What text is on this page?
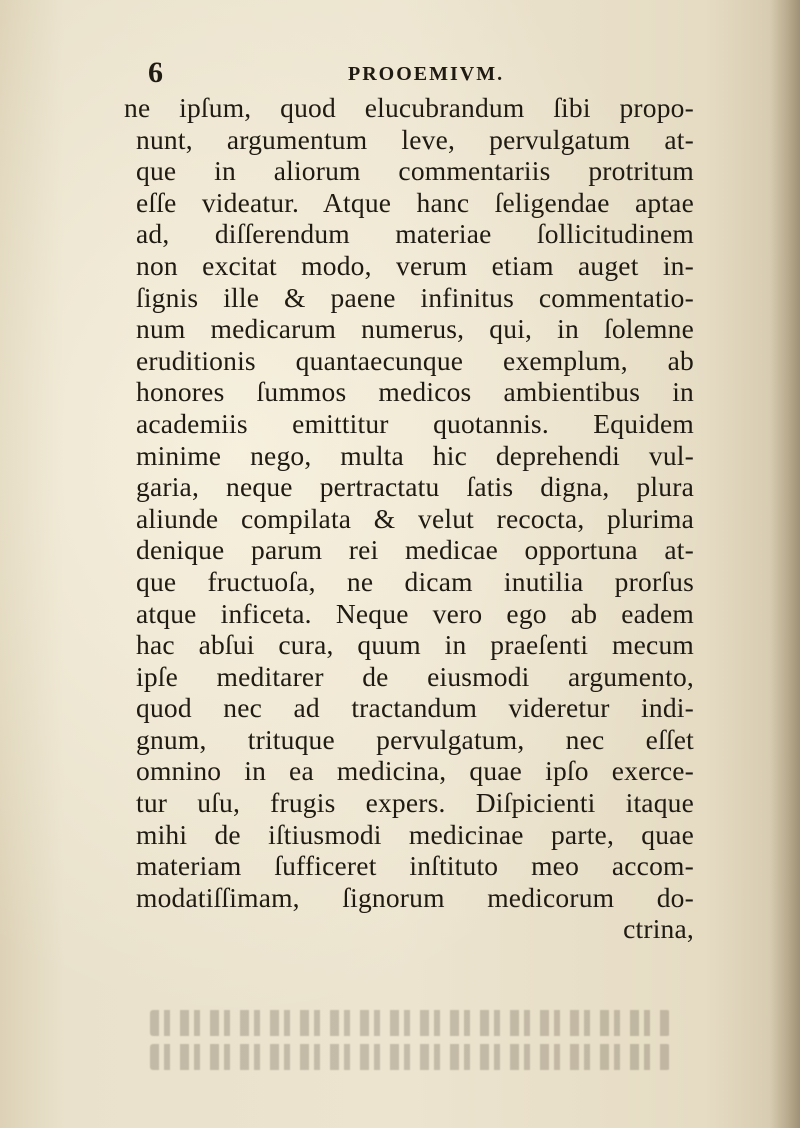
6	PROOEMIVM.
ne ipſum, quod elucubrandum ſibi propo-
nunt, argumentum leve, pervulgatum at-
que in aliorum commentariis protritum
eſſe videatur. Atque hanc ſeligendae aptae
ad, diſſerendum materiae ſollicitudinem
non excitat modo, verum etiam auget in-
ſignis ille & paene infinitus commentatio-
num medicarum numerus, qui, in ſolemne
eruditionis quantaecunque exemplum, ab
honores ſummos medicos ambientibus in
academiis emittitur quotannis. Equidem
minime nego, multa hic deprehendi vul-
garia, neque pertractatu ſatis digna, plura
aliunde compilata & velut recocta, plurima
denique parum rei medicae opportuna at-
que fructuoſa, ne dicam inutilia prorſus
atque inficeta. Neque vero ego ab eadem
hac abſui cura, quum in praeſenti mecum
ipſe meditarer de eiusmodi argumento,
quod nec ad tractandum videretur indi-
gnum, trituque pervulgatum, nec eſſet
omnino in ea medicina, quae ipſo exerce-
tur uſu, frugis expers. Diſpicienti itaque
mihi de iſtiusmodi medicinae parte, quae
materiam ſufficeret inſtituto meo accom-
modatiſſimam, ſignorum medicorum do-
ctrina,
